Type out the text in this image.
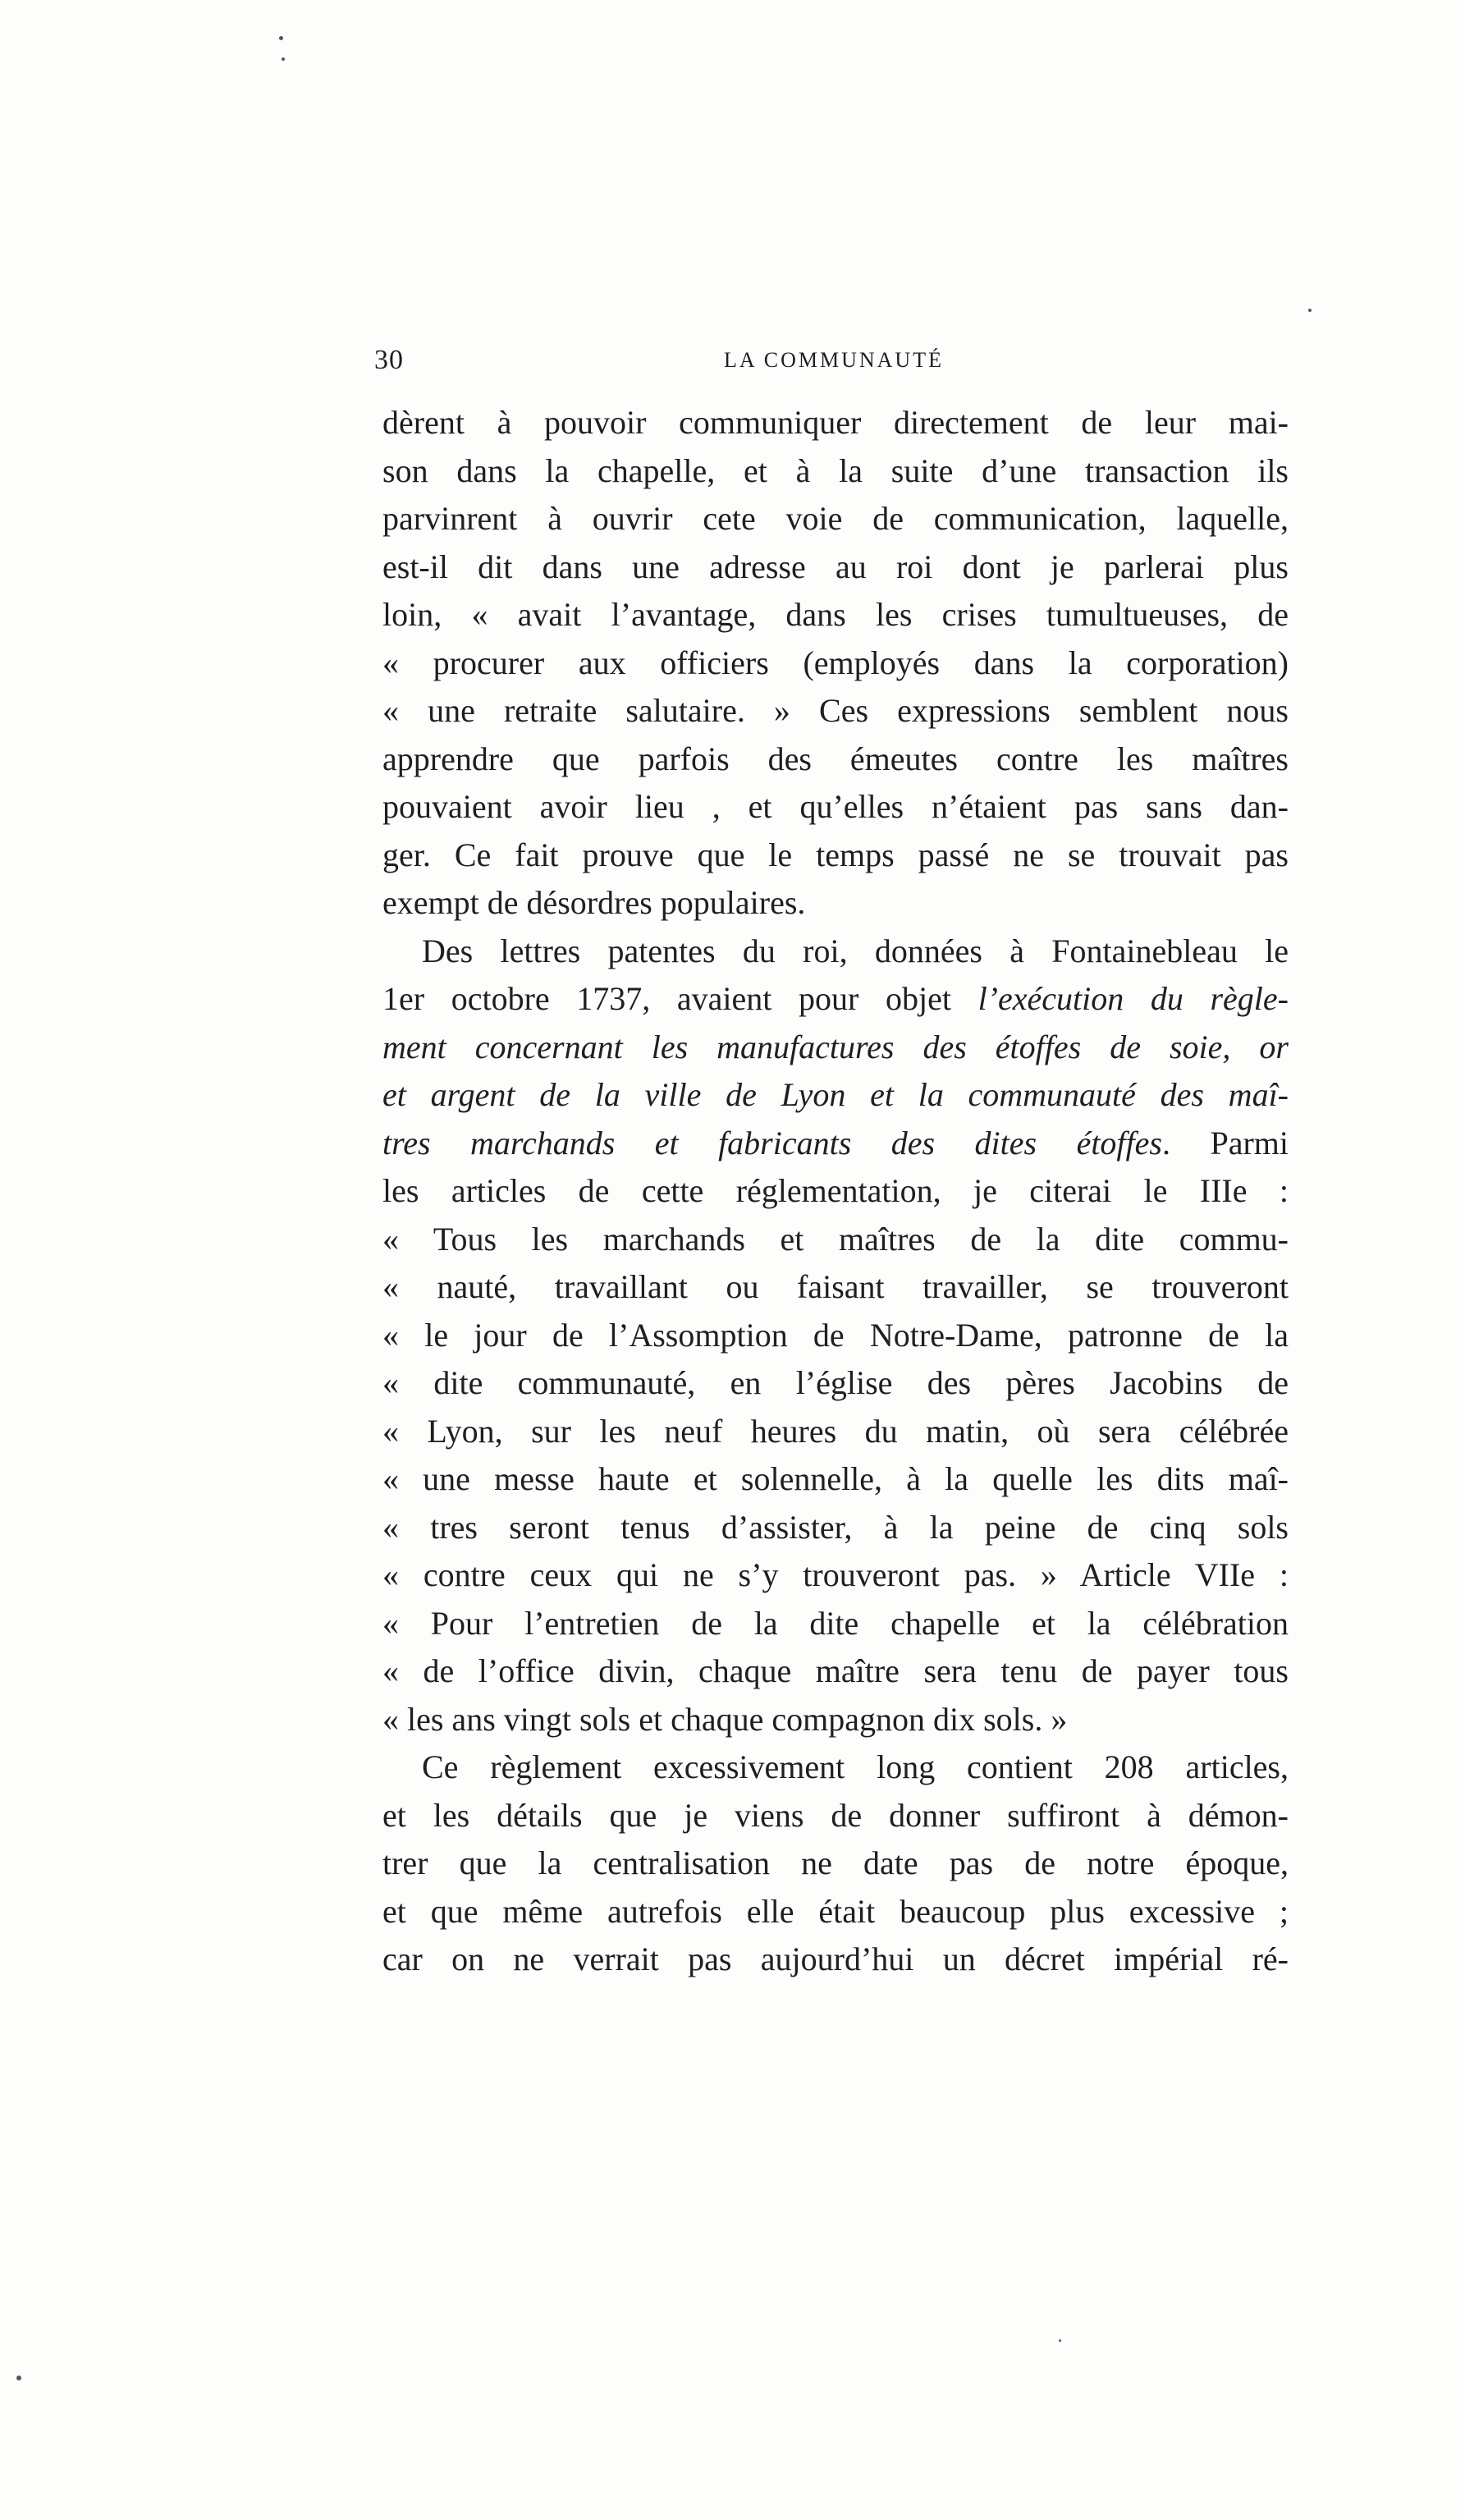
30	LA COMMUNAUTÉ
dèrent à pouvoir communiquer directement de leur mai-
son dans la chapelle, et à la suite d’une transaction ils
parvinrent à ouvrir cete voie de communication, laquelle,
est-il dit dans une adresse au roi dont je parlerai plus
loin, « avait l’avantage, dans les crises tumultueuses, de
« procurer aux officiers (employés dans la corporation)
« une retraite salutaire. » Ces expressions semblent nous
apprendre que parfois des émeutes contre les maîtres
pouvaient avoir lieu , et qu’elles n’étaient pas sans dan-
ger. Ce fait prouve que le temps passé ne se trouvait pas
exempt de désordres populaires.
Des lettres patentes du roi, données à Fontainebleau le
1er octobre 1737, avaient pour objet l’exécution du règle-
ment concernant les manufactures des étoffes de soie, or
et argent de la ville de Lyon et la communauté des maî-
tres marchands et fabricants des dites étoffes. Parmi
les articles de cette réglementation, je citerai le IIIe :
« Tous les marchands et maîtres de la dite commu-
« nauté, travaillant ou faisant travailler, se trouveront
« le jour de l’Assomption de Notre-Dame, patronne de la
« dite communauté, en l’église des pères Jacobins de
« Lyon, sur les neuf heures du matin, où sera célébrée
« une messe haute et solennelle, à la quelle les dits maî-
« tres seront tenus d’assister, à la peine de cinq sols
« contre ceux qui ne s’y trouveront pas. » Article VIIe :
« Pour l’entretien de la dite chapelle et la célébration
« de l’office divin, chaque maître sera tenu de payer tous
« les ans vingt sols et chaque compagnon dix sols. »
Ce règlement excessivement long contient 208 articles,
et les détails que je viens de donner suffiront à démon-
trer que la centralisation ne date pas de notre époque,
et que même autrefois elle était beaucoup plus excessive ;
car on ne verrait pas aujourd’hui un décret impérial ré-
